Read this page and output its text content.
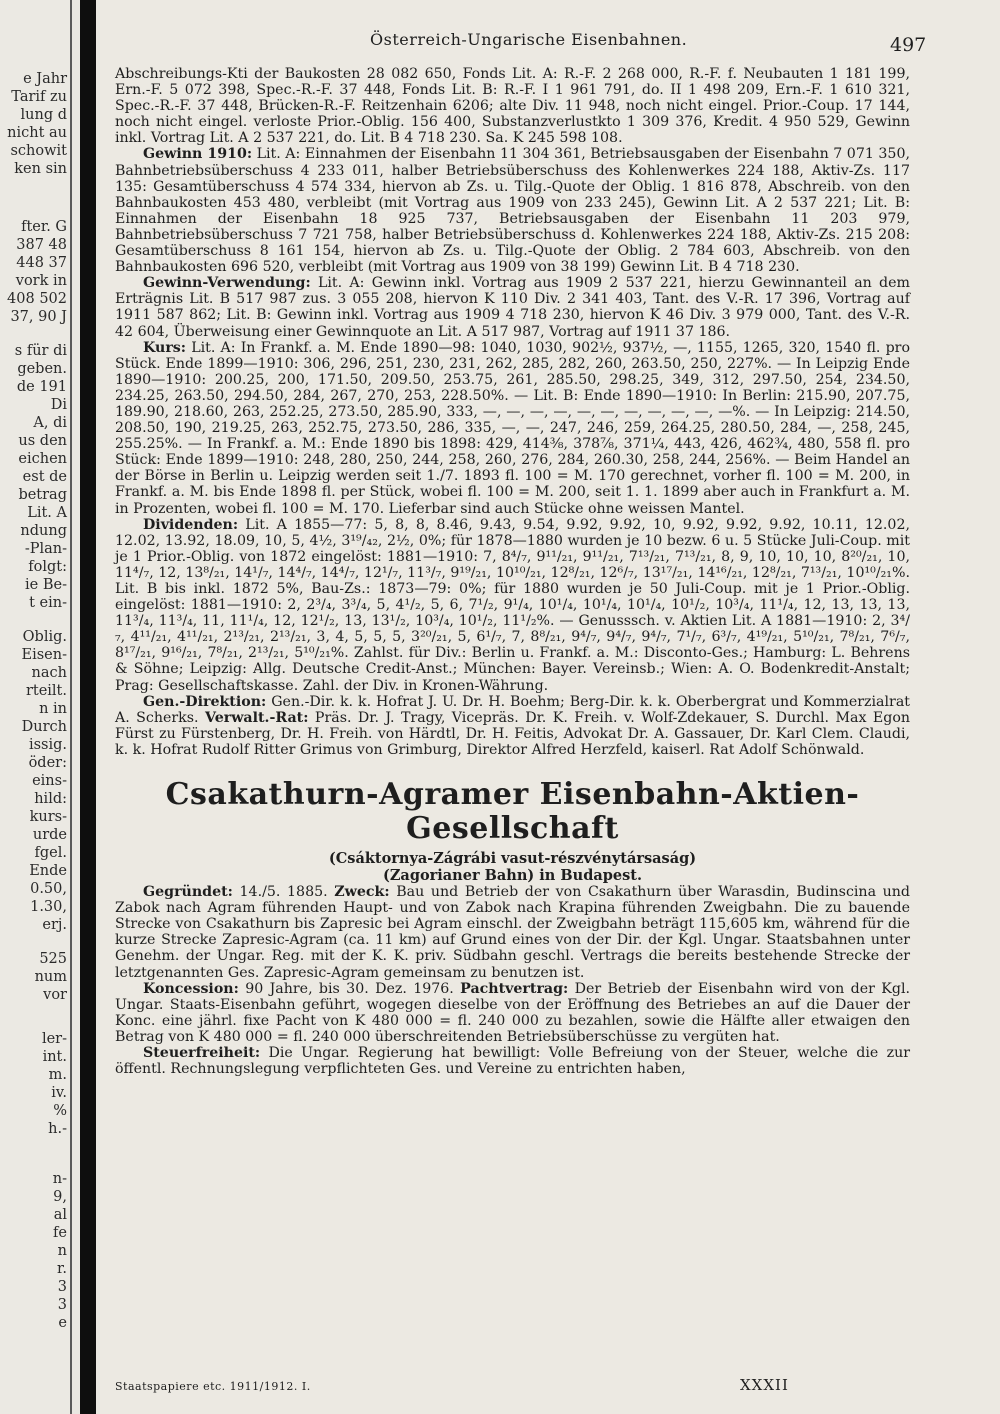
e Jahr
Tarif zu
lung d
nicht au
schowit
ken sin
fter. G
387 48
448 37
vork in
408 502
37, 90 J
s für di
geben.
de 191
Di
A, di
us den
eichen
est de
betrag
Lit. A
ndung
-Plan-
folgt:
ie Be-
t ein-
Oblig.
Eisen-
nach
rteilt.
n in
Durch
issig.
öder:
eins-
hild:
kurs-
urde
fgel.
Ende
0.50,
1.30,
erj.
525
num
vor
ler-
int.
m.
iv.
%
h.-
n-
9,
al
fe
n
r.
3
3
e
Österreich-Ungarische Eisenbahnen.	497

Abschreibungs-Kti der Baukosten 28 082 650, Fonds Lit. A: R.-F. 2 268 000, R.-F. f. Neubauten 1 181 199, Ern.-F. 5 072 398, Spec.-R.-F. 37 448, Fonds Lit. B: R.-F. I 1 961 791, do. II 1 498 209, Ern.-F. 1 610 321, Spec.-R.-F. 37 448, Brücken-R.-F. Reitzenhain 6206; alte Div. 11 948, noch nicht eingel. Prior.-Coup. 17 144, noch nicht eingel. verloste Prior.-Oblig. 156 400, Substanzverlustkto 1 309 376, Kredit. 4 950 529, Gewinn inkl. Vortrag Lit. A 2 537 221, do. Lit. B 4 718 230. Sa. K 245 598 108.

Gewinn 1910: Lit. A: Einnahmen der Eisenbahn 11 304 361, Betriebsausgaben der Eisenbahn 7 071 350, Bahnbetriebsüberschuss 4 233 011, halber Betriebsüberschuss des Kohlenwerkes 224 188, Aktiv-Zs. 117 135: Gesamtüberschuss 4 574 334, hiervon ab Zs. u. Tilg.-Quote der Oblig. 1 816 878, Abschreib. von den Bahnbaukosten 453 480, verbleibt (mit Vortrag aus 1909 von 233 245), Gewinn Lit. A 2 537 221; Lit. B: Einnahmen der Eisenbahn 18 925 737, Betriebsausgaben der Eisenbahn 11 203 979, Bahnbetriebsüberschuss 7 721 758, halber Betriebsüberschuss d. Kohlenwerkes 224 188, Aktiv-Zs. 215 208: Gesamtüberschuss 8 161 154, hiervon ab Zs. u. Tilg.-Quote der Oblig. 2 784 603, Abschreib. von den Bahnbaukosten 696 520, verbleibt (mit Vortrag aus 1909 von 38 199) Gewinn Lit. B 4 718 230.

Gewinn-Verwendung: Lit. A: Gewinn inkl. Vortrag aus 1909 2 537 221, hierzu Gewinnanteil an dem Erträgnis Lit. B 517 987 zus. 3 055 208, hiervon K 110 Div. 2 341 403, Tant. des V.-R. 17 396, Vortrag auf 1911 587 862; Lit. B: Gewinn inkl. Vortrag aus 1909 4 718 230, hiervon K 46 Div. 3 979 000, Tant. des V.-R. 42 604, Überweisung einer Gewinnquote an Lit. A 517 987, Vortrag auf 1911 37 186.

Kurs: Lit. A: In Frankf. a. M. Ende 1890—98: 1040, 1030, 902½, 937½, —, 1155, 1265, 320, 1540 fl. pro Stück. Ende 1899—1910: 306, 296, 251, 230, 231, 262, 285, 282, 260, 263.50, 250, 227%. — In Leipzig Ende 1890—1910: 200.25, 200, 171.50, 209.50, 253.75, 261, 285.50, 298.25, 349, 312, 297.50, 254, 234.50, 234.25, 263.50, 294.50, 284, 267, 270, 253, 228.50%. — Lit. B: Ende 1890—1910: In Berlin: 215.90, 207.75, 189.90, 218.60, 263, 252.25, 273.50, 285.90, 333, —, —, —, —, —, —, —, —, —, —, —%. — In Leipzig: 214.50, 208.50, 190, 219.25, 263, 252.75, 273.50, 286, 335, —, —, 247, 246, 259, 264.25, 280.50, 284, —, 258, 245, 255.25%. — In Frankf. a. M.: Ende 1890 bis 1898: 429, 414⅜, 378⅞, 371¼, 443, 426, 462¾, 480, 558 fl. pro Stück: Ende 1899—1910: 248, 280, 250, 244, 258, 260, 276, 284, 260.30, 258, 244, 256%. — Beim Handel an der Börse in Berlin u. Leipzig werden seit 1./7. 1893 fl. 100 = M. 170 gerechnet, vorher fl. 100 = M. 200, in Frankf. a. M. bis Ende 1898 fl. per Stück, wobei fl. 100 = M. 200, seit 1. 1. 1899 aber auch in Frankfurt a. M. in Prozenten, wobei fl. 100 = M. 170. Lieferbar sind auch Stücke ohne weissen Mantel.

Dividenden: Lit. A 1855—77: 5, 8, 8, 8.46, 9.43, 9.54, 9.92, 9.92, 10, 9.92, 9.92, 9.92, 10.11, 12.02, 12.02, 13.92, 18.09, 10, 5, 4½, 3¹⁹/₄₂, 2½, 0%; für 1878—1880 wurden je 10 bezw. 6 u. 5 Stücke Juli-Coup. mit je 1 Prior.-Oblig. von 1872 eingelöst: 1881—1910: 7, 8⁴/₇, 9¹¹/₂₁, 9¹¹/₂₁, 7¹³/₂₁, 7¹³/₂₁, 8, 9, 10, 10, 10, 8²⁰/₂₁, 10, 11⁴/₇, 12, 13⁸/₂₁, 14¹/₇, 14⁴/₇, 14⁴/₇, 12¹/₇, 11³/₇, 9¹⁹/₂₁, 10¹⁰/₂₁, 12⁸/₂₁, 12⁶/₇, 13¹⁷/₂₁, 14¹⁶/₂₁, 12⁸/₂₁, 7¹³/₂₁, 10¹⁰/₂₁%. Lit. B bis inkl. 1872 5%, Bau-Zs.: 1873—79: 0%; für 1880 wurden je 50 Juli-Coup. mit je 1 Prior.-Oblig. eingelöst: 1881—1910: 2, 2³/₄, 3³/₄, 5, 4¹/₂, 5, 6, 7¹/₂, 9¹/₄, 10¹/₄, 10¹/₄, 10¹/₄, 10¹/₂, 10³/₄, 11¹/₄, 12, 13, 13, 13, 11³/₄, 11³/₄, 11, 11¹/₄, 12, 12¹/₂, 13, 13¹/₂, 10³/₄, 10¹/₂, 11¹/₂%. — Genusssch. v. Aktien Lit. A 1881—1910: 2, 3⁴/₇, 4¹¹/₂₁, 4¹¹/₂₁, 2¹³/₂₁, 2¹³/₂₁, 3, 4, 5, 5, 5, 3²⁰/₂₁, 5, 6¹/₇, 7, 8⁸/₂₁, 9⁴/₇, 9⁴/₇, 9⁴/₇, 7¹/₇, 6³/₇, 4¹⁹/₂₁, 5¹⁰/₂₁, 7⁸/₂₁, 7⁶/₇, 8¹⁷/₂₁, 9¹⁶/₂₁, 7⁸/₂₁, 2¹³/₂₁, 5¹⁰/₂₁%. Zahlst. für Div.: Berlin u. Frankf. a. M.: Disconto-Ges.; Hamburg: L. Behrens & Söhne; Leipzig: Allg. Deutsche Credit-Anst.; München: Bayer. Vereinsb.; Wien: A. O. Bodenkredit-Anstalt; Prag: Gesellschaftskasse. Zahl. der Div. in Kronen-Währung.

Gen.-Direktion: Gen.-Dir. k. k. Hofrat J. U. Dr. H. Boehm; Berg-Dir. k. k. Oberbergrat und Kommerzialrat A. Scherks. Verwalt.-Rat: Präs. Dr. J. Tragy, Vicepräs. Dr. K. Freih. v. Wolf-Zdekauer, S. Durchl. Max Egon Fürst zu Fürstenberg, Dr. H. Freih. von Härdtl, Dr. H. Feitis, Advokat Dr. A. Gassauer, Dr. Karl Clem. Claudi, k. k. Hofrat Rudolf Ritter Grimus von Grimburg, Direktor Alfred Herzfeld, kaiserl. Rat Adolf Schönwald.

Csakathurn-Agramer Eisenbahn-Aktien-Gesellschaft
(Csáktornya-Zágrábi vasut-részvénytársaság)
(Zagorianer Bahn) in Budapest.

Gegründet: 14./5. 1885. Zweck: Bau und Betrieb der von Csakathurn über Warasdin, Budinscina und Zabok nach Agram führenden Haupt- und von Zabok nach Krapina führenden Zweigbahn. Die zu bauende Strecke von Csakathurn bis Zapresic bei Agram einschl. der Zweigbahn beträgt 115,605 km, während für die kurze Strecke Zapresic-Agram (ca. 11 km) auf Grund eines von der Dir. der Kgl. Ungar. Staatsbahnen unter Genehm. der Ungar. Reg. mit der K. K. priv. Südbahn geschl. Vertrags die bereits bestehende Strecke der letztgenannten Ges. Zapresic-Agram gemeinsam zu benutzen ist.

Koncession: 90 Jahre, bis 30. Dez. 1976. Pachtvertrag: Der Betrieb der Eisenbahn wird von der Kgl. Ungar. Staats-Eisenbahn geführt, wogegen dieselbe von der Eröffnung des Betriebes an auf die Dauer der Konc. eine jährl. fixe Pacht von K 480 000 = fl. 240 000 zu bezahlen, sowie die Hälfte aller etwaigen den Betrag von K 480 000 = fl. 240 000 überschreitenden Betriebsüberschüsse zu vergüten hat.

Steuerfreiheit: Die Ungar. Regierung hat bewilligt: Volle Befreiung von der Steuer, welche die zur öffentl. Rechnungslegung verpflichteten Ges. und Vereine zu entrichten haben,

Staatspapiere etc. 1911/1912. I.	XXXII
